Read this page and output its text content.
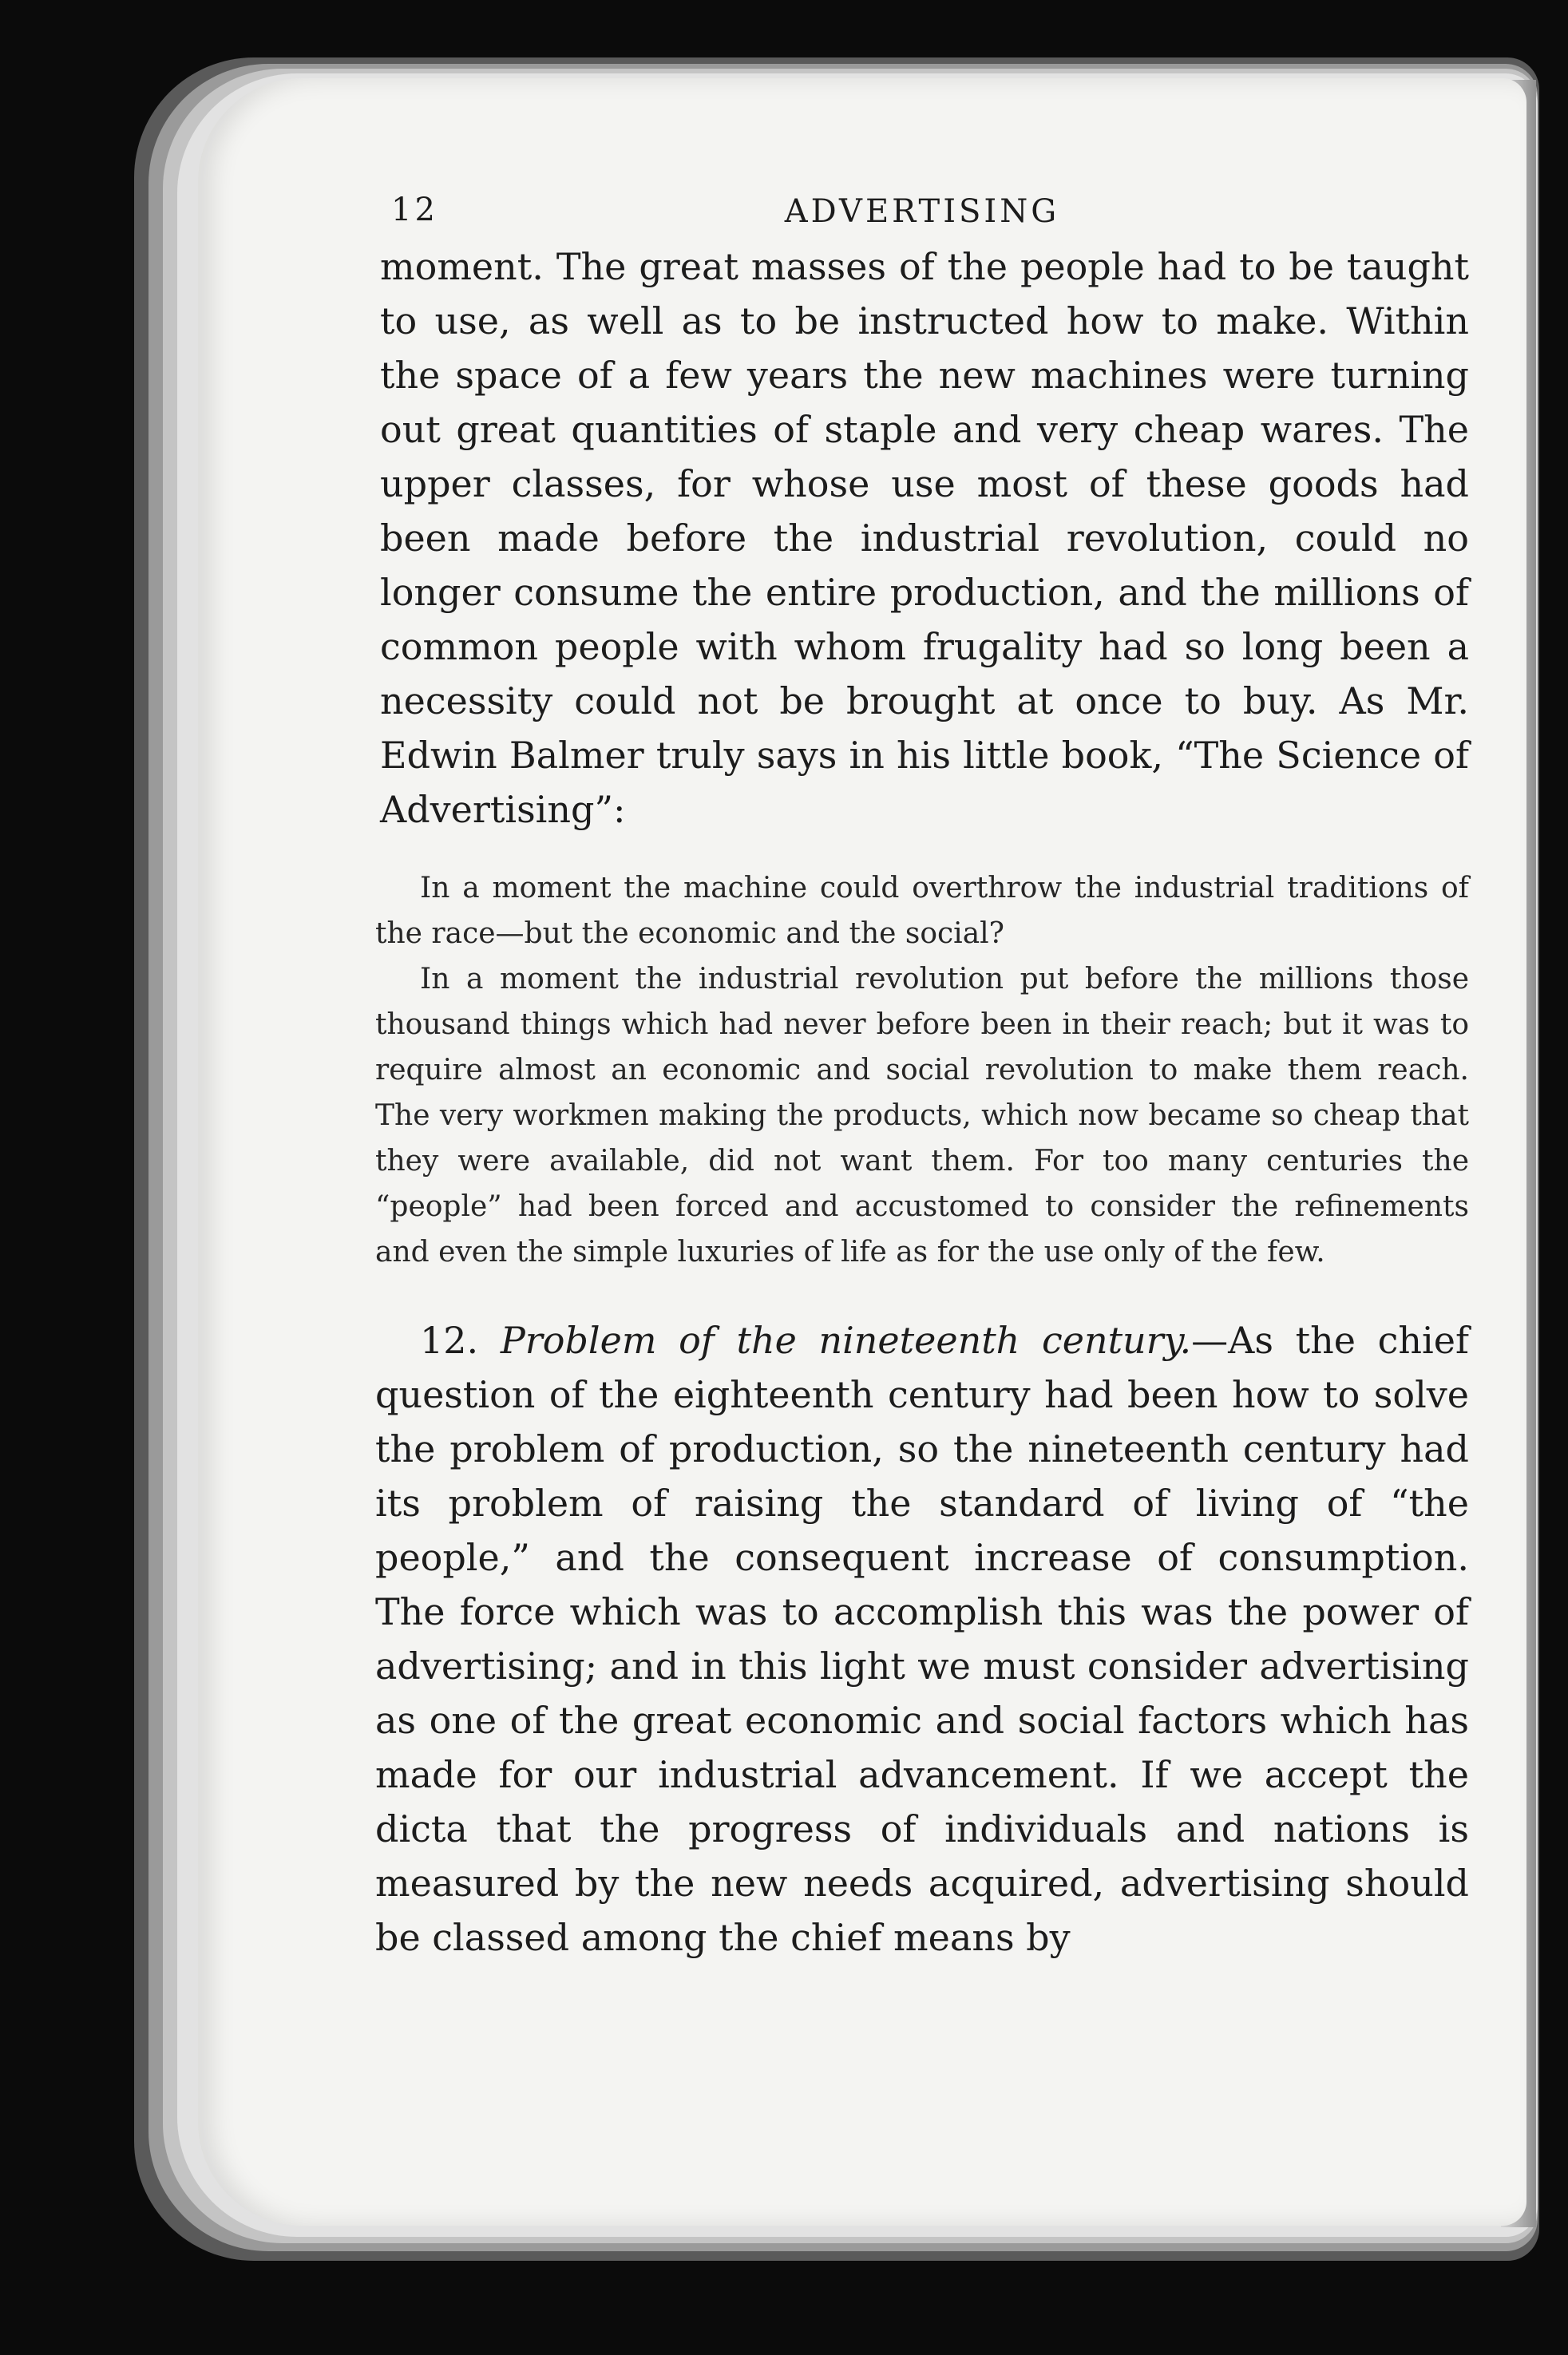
12	ADVERTISING

moment. The great masses of the people had to be taught to use, as well as to be instructed how to make. Within the space of a few years the new machines were turning out great quantities of staple and very cheap wares. The upper classes, for whose use most of these goods had been made before the industrial revolution, could no longer consume the entire production, and the millions of common people with whom frugality had so long been a necessity could not be brought at once to buy. As Mr. Edwin Balmer truly says in his little book, “The Science of Advertising”:

In a moment the machine could overthrow the industrial traditions of the race—but the economic and the social?

In a moment the industrial revolution put before the millions those thousand things which had never before been in their reach; but it was to require almost an economic and social revolution to make them reach. The very workmen making the products, which now became so cheap that they were available, did not want them. For too many centuries the “people” had been forced and accustomed to consider the refinements and even the simple luxuries of life as for the use only of the few.

12. Problem of the nineteenth century.—As the chief question of the eighteenth century had been how to solve the problem of production, so the nineteenth century had its problem of raising the standard of living of “the people,” and the consequent increase of consumption. The force which was to accomplish this was the power of advertising; and in this light we must consider advertising as one of the great economic and social factors which has made for our industrial advancement. If we accept the dicta that the progress of individuals and nations is measured by the new needs acquired, advertising should be classed among the chief means by
